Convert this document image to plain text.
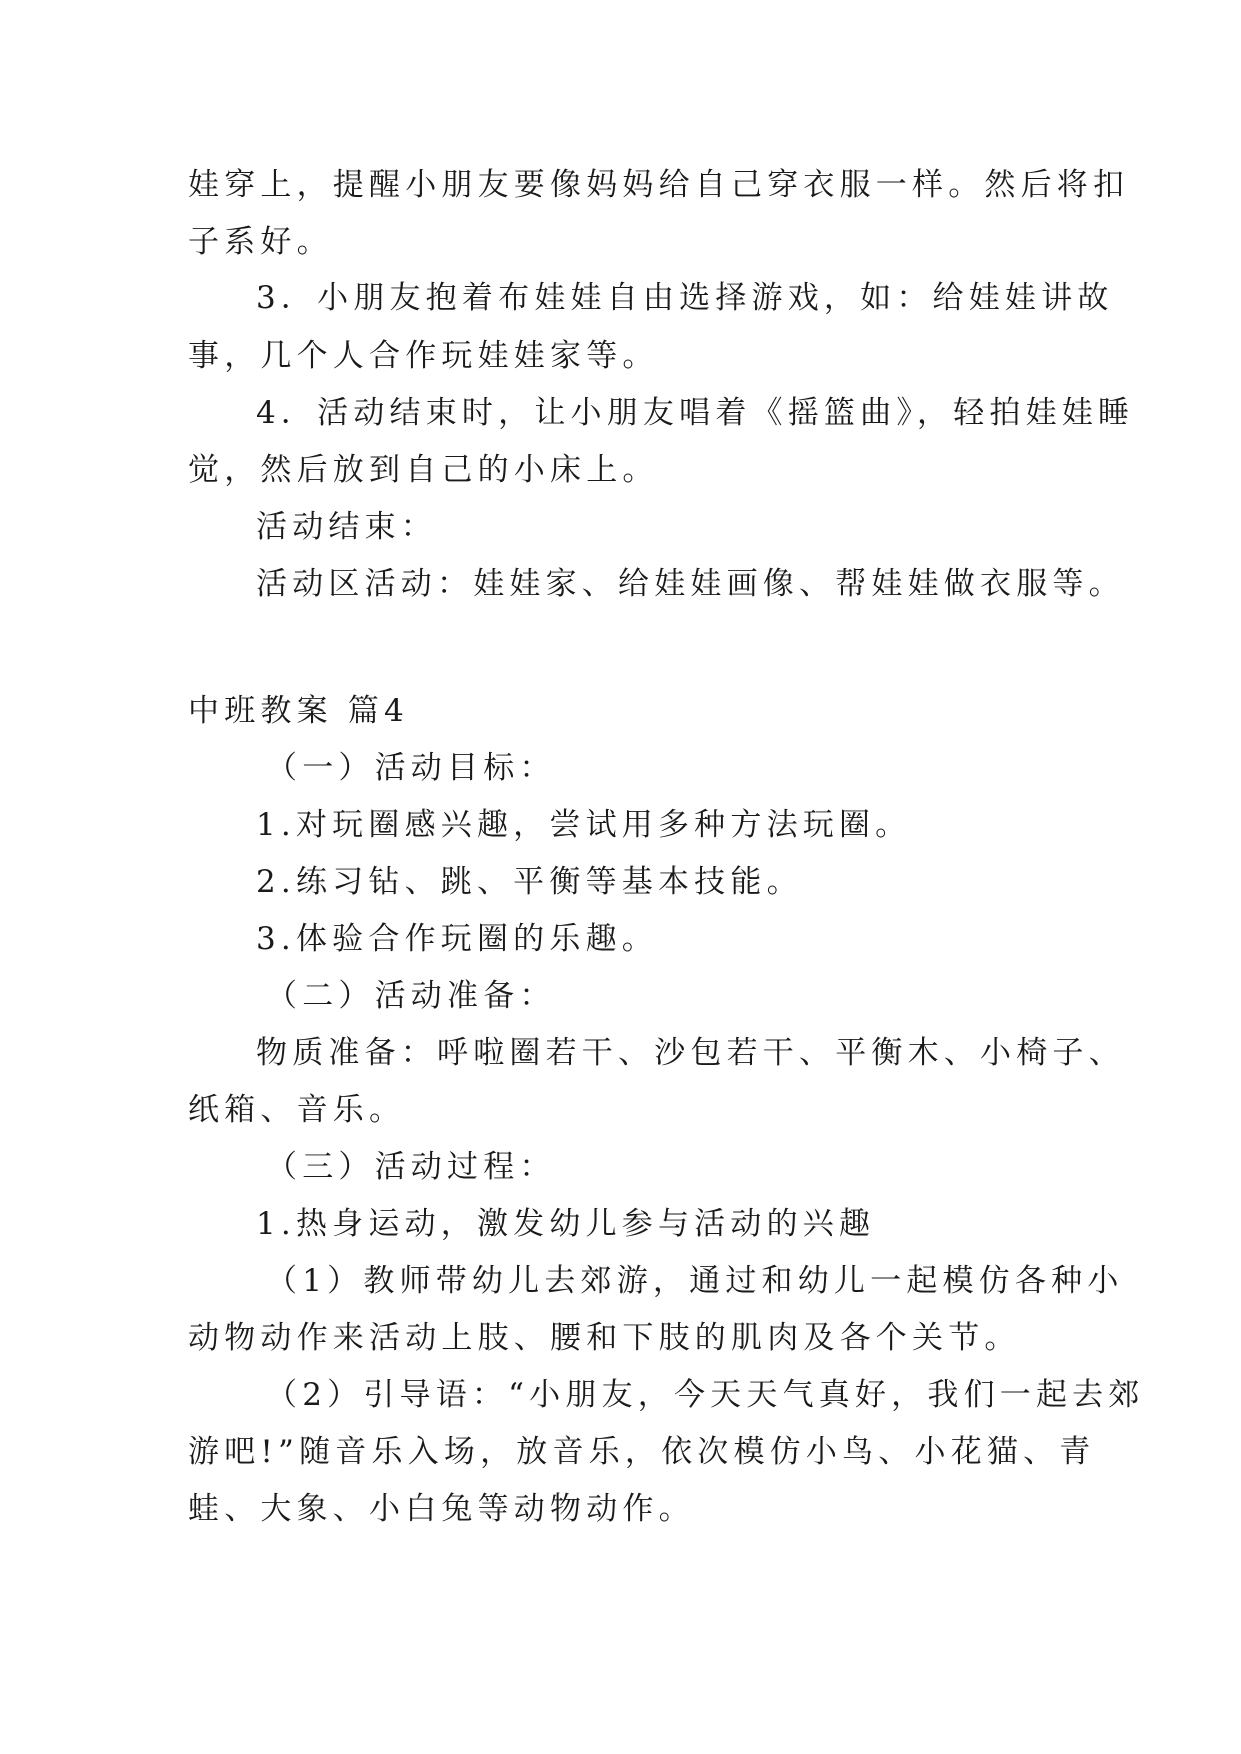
娃穿上，提醒小朋友要像妈妈给自己穿衣服一样。然后将扣
子系好。
3．小朋友抱着布娃娃自由选择游戏，如：给娃娃讲故
事，几个人合作玩娃娃家等。
4．活动结束时，让小朋友唱着《摇篮曲》，轻拍娃娃睡
觉，然后放到自己的小床上。
活动结束：
活动区活动：娃娃家、给娃娃画像、帮娃娃做衣服等。
中班教案 篇4
（一）活动目标：
1.对玩圈感兴趣，尝试用多种方法玩圈。
2.练习钻、跳、平衡等基本技能。
3.体验合作玩圈的乐趣。
（二）活动准备：
物质准备：呼啦圈若干、沙包若干、平衡木、小椅子、
纸箱、音乐。
（三）活动过程：
1.热身运动，激发幼儿参与活动的兴趣
（1）教师带幼儿去郊游，通过和幼儿一起模仿各种小
动物动作来活动上肢、腰和下肢的肌肉及各个关节。
（2）引导语：“小朋友，今天天气真好，我们一起去郊
游吧!”随音乐入场，放音乐，依次模仿小鸟、小花猫、青
蛙、大象、小白兔等动物动作。
